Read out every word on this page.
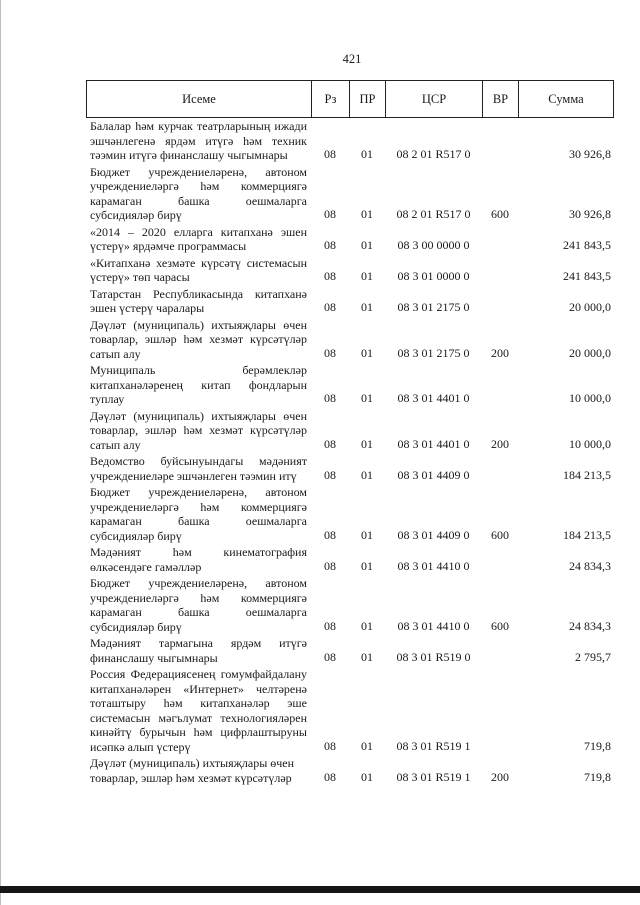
421
Исеме	Рз	ПР	ЦСР	ВР	Сумма
Балалар һәм курчак театрларының ижади эшчәнлегенә ярдәм итүгә һәм техник тәэмин итүгә финанслашу чыгымнары	08	01	08 2 01 R517 0		30 926,8
Бюджет учреждениеләренә, автоном учреждениеләргә һәм коммерциягә карамаган башка оешмаларга субсидияләр бирү	08	01	08 2 01 R517 0	600	30 926,8
«2014 – 2020 елларга китапханә эшен үстерү» ярдәмче программасы	08	01	08 3 00 0000 0		241 843,5
«Китапханә хезмәте күрсәтү системасын үстерү» төп чарасы	08	01	08 3 01 0000 0		241 843,5
Татарстан Республикасында китапханә эшен үстерү чаралары	08	01	08 3 01 2175 0		20 000,0
Дәүләт (муниципаль) ихтыяҗлары өчен товарлар, эшләр һәм хезмәт күрсәтүләр сатып алу	08	01	08 3 01 2175 0	200	20 000,0
Муниципаль берәмлекләр китапханәләренең китап фондларын туплау	08	01	08 3 01 4401 0		10 000,0
Дәүләт (муниципаль) ихтыяҗлары өчен товарлар, эшләр һәм хезмәт күрсәтүләр сатып алу	08	01	08 3 01 4401 0	200	10 000,0
Ведомство буйсынуындагы мәдәният учреждениеләре эшчәнлеген тәэмин итү	08	01	08 3 01 4409 0		184 213,5
Бюджет учреждениеләренә, автоном учреждениеләргә һәм коммерциягә карамаган башка оешмаларга субсидияләр бирү	08	01	08 3 01 4409 0	600	184 213,5
Мәдәният һәм кинематография өлкәсендәге гамәлләр	08	01	08 3 01 4410 0		24 834,3
Бюджет учреждениеләренә, автоном учреждениеләргә һәм коммерциягә карамаган башка оешмаларга субсидияләр бирү	08	01	08 3 01 4410 0	600	24 834,3
Мәдәният тармагына ярдәм итүгә финанслашу чыгымнары	08	01	08 3 01 R519 0		2 795,7
Россия Федерациясенең гомумфайдалану китапханәләрен «Интернет» челтәренә тоташтыру һәм китапханәләр эше системасын мәгълумат технологияләрен кинәйтү бурычын һәм цифрлаштыруны исәпкә алып үстерү	08	01	08 3 01 R519 1		719,8
Дәүләт (муниципаль) ихтыяҗлары өчен товарлар, эшләр һәм хезмәт күрсәтүләр	08	01	08 3 01 R519 1	200	719,8
